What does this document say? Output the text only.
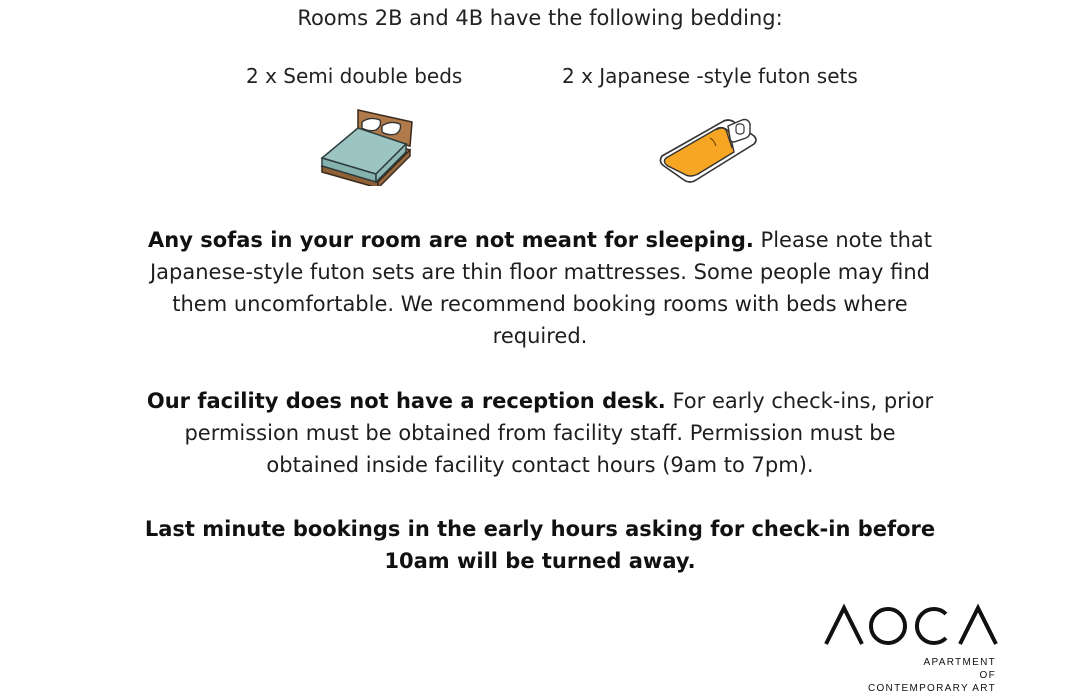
Rooms 2B and 4B have the following bedding:
2 x Semi double beds	2 x Japanese -style futon sets
Any sofas in your room are not meant for sleeping. Please note that Japanese-style futon sets are thin floor mattresses. Some people may find them uncomfortable. We recommend booking rooms with beds where required.
Our facility does not have a reception desk. For early check-ins, prior permission must be obtained from facility staff. Permission must be obtained inside facility contact hours (9am to 7pm).
Last minute bookings in the early hours asking for check-in before 10am will be turned away.
APARTMENT
OF
CONTEMPORARY ART
